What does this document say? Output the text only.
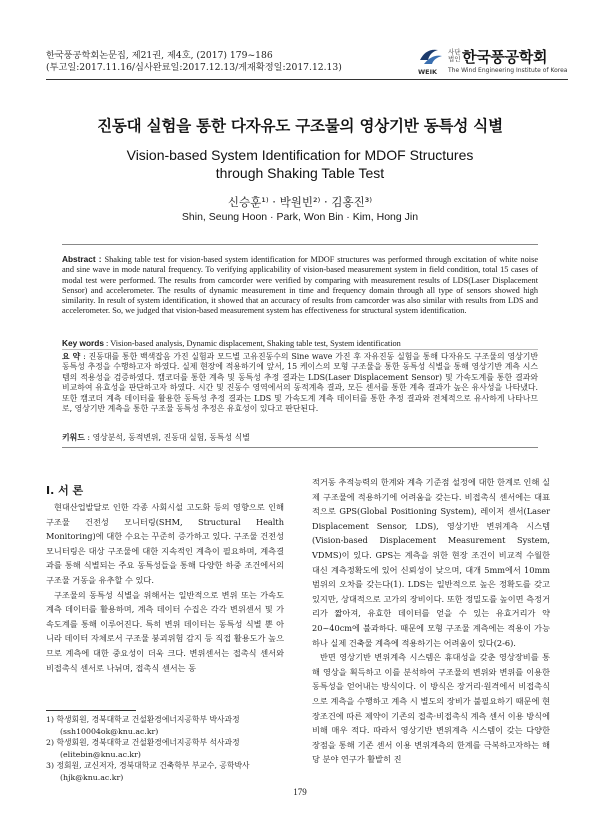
한국풍공학회논문집, 제21권, 제4호, (2017) 179~186
(투고일:2017.11.16/심사완료일:2017.12.13/게재확정일:2017.12.13)
사단
법인 한국풍공학회
WEIK The Wind Engineering Institute of Korea
진동대 실험을 통한 다자유도 구조물의 영상기반 동특성 식별
Vision-based System Identification for MDOF Structures
through Shaking Table Test
신승훈¹⁾ · 박원빈²⁾ · 김홍진³⁾
Shin, Seung Hoon · Park, Won Bin · Kim, Hong Jin
Abstract : Shaking table test for vision-based system identification for MDOF structures was performed through excitation of white noise and sine wave in mode natural frequency. To verifying applicability of vision-based measurement system in field condition, total 15 cases of modal test were performed. The results from camcorder were verified by comparing with measurement results of LDS(Laser Displacement Sensor) and accelerometer. The results of dynamic measurement in time and frequency domain through all type of sensors showed high similarity. In result of system identification, it showed that an accuracy of results from camcorder was also similar with results from LDS and accelerometer. So, we judged that vision-based measurement system has effectiveness for structural system identification.
Key words : Vision-based analysis, Dynamic displacement, Shaking table test, System identification
요 약 : 진동대를 통한 백색잡음 가진 실험과 모드별 고유진동수의 Sine wave 가진 후 자유진동 실험을 통해 다자유도 구조물의 영상기반 동특성 추정을 수행하고자 하였다. 실제 현장에 적용하기에 앞서, 15 케이스의 모형 구조물을 통한 동특성 식별을 통해 영상기반 계측 시스템의 적용성을 검증하였다. 캠코더를 통한 계측 및 동특성 추정 결과는 LDS(Laser Displacement Sensor) 및 가속도계를 통한 결과와 비교하여 유효성을 판단하고자 하였다. 시간 및 진동수 영역에서의 동적계측 결과, 모든 센서를 통한 계측 결과가 높은 유사성을 나타냈다. 또한 캠코더 계측 데이터를 활용한 동특성 추정 결과는 LDS 및 가속도계 계측 데이터를 통한 추정 결과와 전체적으로 유사하게 나타나므로, 영상기반 계측을 통한 구조물 동특성 추정은 유효성이 있다고 판단된다.
키워드 : 영상분석, 동적변위, 진동대 실험, 동특성 식별
I. 서 론

현대산업발달로 인한 각종 사회시설 고도화 등의 영향으로 인해 구조물 건전성 모니터링(SHM, Structural Health Monitoring)에 대한 수요는 꾸준히 증가하고 있다. 구조물 건전성 모니터링은 대상 구조물에 대한 지속적인 계측이 필요하며, 계측결과를 통해 식별되는 주요 동특성들을 통해 다양한 하중 조건에서의 구조물 거동을 유추할 수 있다.

구조물의 동특성 식별을 위해서는 일반적으로 변위 또는 가속도 계측 데이터를 활용하며, 계측 데이터 수집은 각각 변위센서 및 가속도계를 통해 이루어진다. 특히 변위 데이터는 동특성 식별 뿐 아니라 데이터 자체로서 구조물 붕괴위험 감지 등 직접 활용도가 높으므로 계측에 대한 중요성이 더욱 크다. 변위센서는 접촉식 센서와 비접촉식 센서로 나뉘며, 접촉식 센서는 동

적거동 추적능력의 한계와 계측 기준점 설정에 대한 한계로 인해 실제 구조물에 적용하기에 어려움을 갖는다. 비접촉식 센서에는 대표적으로 GPS(Global Positioning System), 레이저 센서(Laser Displacement Sensor, LDS), 영상기반 변위계측 시스템(Vision-based Displacement Measurement System, VDMS)이 있다. GPS는 계측을 위한 현장 조건이 비교적 수월한 대신 계측정확도에 있어 신뢰성이 낮으며, 대개 5mm에서 10mm 범위의 오차를 갖는다(1). LDS는 일반적으로 높은 정확도를 갖고 있지만, 상대적으로 고가의 장비이다. 또한 정밀도를 높이면 측정거리가 짧아져, 유효한 데이터를 얻을 수 있는 유효거리가 약 20~40cm에 불과하다. 때문에 모형 구조물 계측에는 적용이 가능하나 실제 건축물 계측에 적용하기는 어려움이 있다(2-6).

반면 영상기반 변위계측 시스템은 휴대성을 갖춘 영상장비를 통해 영상을 획득하고 이를 분석하여 구조물의 변위와 변위를 이용한 동특성을 얻어내는 방식이다. 이 방식은 장거리·원격에서 비접촉식으로 계측을 수행하고 계측 시 별도의 장비가 불필요하기 때문에 현장조건에 따른 제약이 기존의 접촉·비접촉식 계측 센서 이용 방식에 비해 매우 적다. 따라서 영상기반 변위계측 시스템이 갖는 다양한 장점을 통해 기존 센서 이용 변위계측의 한계를 극복하고자하는 해당 분야 연구가 활발히 진

1) 학생회원, 경북대학교 건설환경에너지공학부 박사과정
(ssh10004ok@knu.ac.kr)
2) 학생회원, 경북대학교 건설환경에너지공학부 석사과정
(elitebin@knu.ac.kr)
3) 정회원, 교신저자, 경북대학교 건축학부 부교수, 공학박사
(hjk@knu.ac.kr)
179
